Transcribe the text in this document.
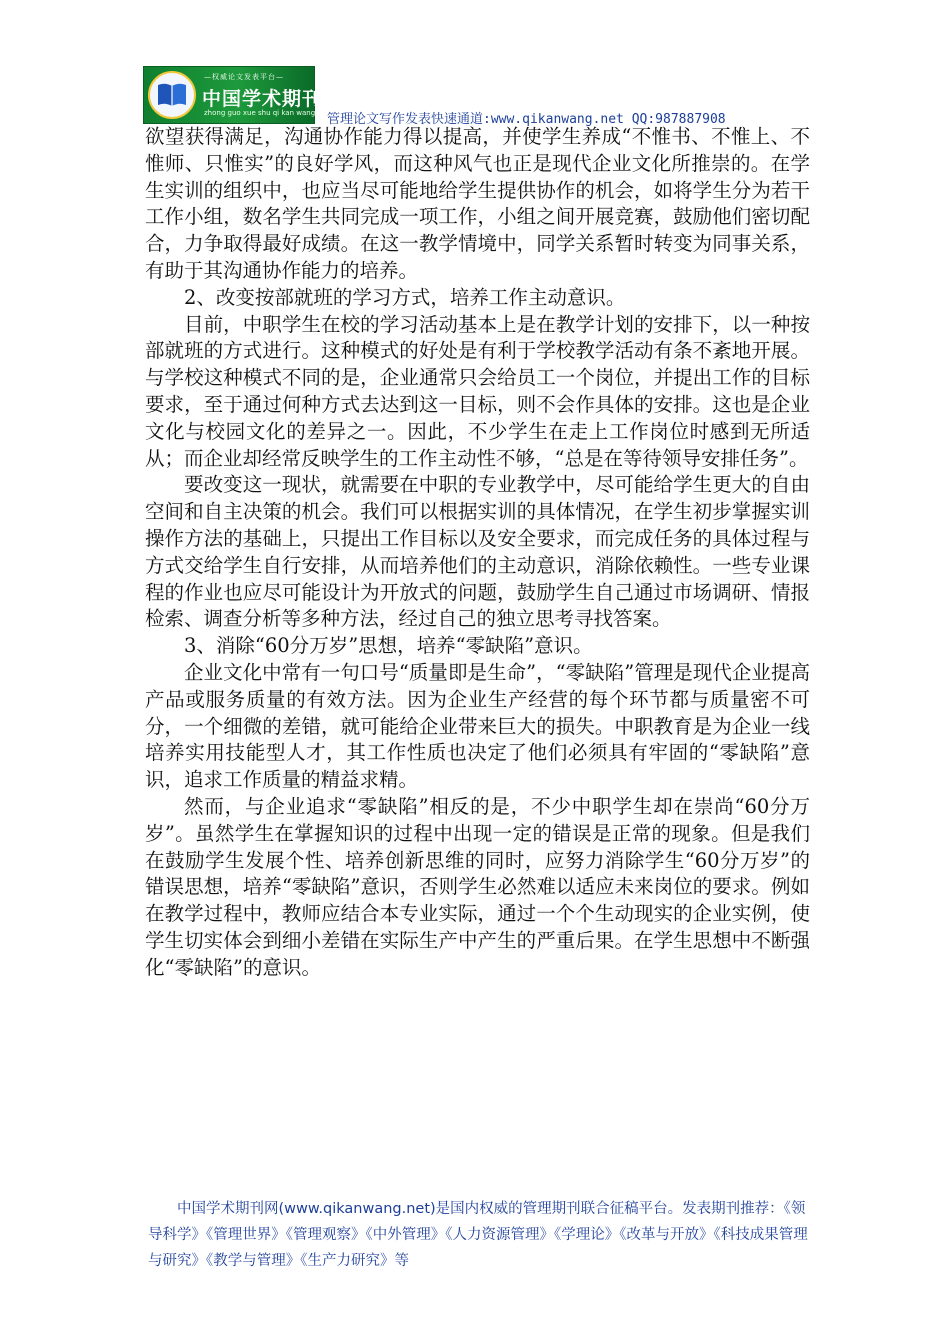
—权威论文发表平台—
中国学术期刊网
zhong guo xue shu qi kan wang 管理论文写作发表快速通道:www.qikanwang.net QQ:987887908

欲望获得满足，沟通协作能力得以提高，并使学生养成“不惟书、不惟上、不惟师、只惟实”的良好学风，而这种风气也正是现代企业文化所推崇的。在学生实训的组织中，也应当尽可能地给学生提供协作的机会，如将学生分为若干工作小组，数名学生共同完成一项工作，小组之间开展竞赛，鼓励他们密切配合，力争取得最好成绩。在这一教学情境中，同学关系暂时转变为同事关系，有助于其沟通协作能力的培养。

2、改变按部就班的学习方式，培养工作主动意识。

目前，中职学生在校的学习活动基本上是在教学计划的安排下，以一种按部就班的方式进行。这种模式的好处是有利于学校教学活动有条不紊地开展。与学校这种模式不同的是，企业通常只会给员工一个岗位，并提出工作的目标要求，至于通过何种方式去达到这一目标，则不会作具体的安排。这也是企业文化与校园文化的差异之一。因此，不少学生在走上工作岗位时感到无所适从；而企业却经常反映学生的工作主动性不够，“总是在等待领导安排任务”。

要改变这一现状，就需要在中职的专业教学中，尽可能给学生更大的自由空间和自主决策的机会。我们可以根据实训的具体情况，在学生初步掌握实训操作方法的基础上，只提出工作目标以及安全要求，而完成任务的具体过程与方式交给学生自行安排，从而培养他们的主动意识，消除依赖性。一些专业课程的作业也应尽可能设计为开放式的问题，鼓励学生自己通过市场调研、情报检索、调查分析等多种方法，经过自己的独立思考寻找答案。

3、消除“60分万岁”思想，培养“零缺陷”意识。

企业文化中常有一句口号“质量即是生命”，“零缺陷”管理是现代企业提高产品或服务质量的有效方法。因为企业生产经营的每个环节都与质量密不可分，一个细微的差错，就可能给企业带来巨大的损失。中职教育是为企业一线培养实用技能型人才，其工作性质也决定了他们必须具有牢固的“零缺陷”意识，追求工作质量的精益求精。

然而，与企业追求“零缺陷”相反的是，不少中职学生却在崇尚“60分万岁”。虽然学生在掌握知识的过程中出现一定的错误是正常的现象。但是我们在鼓励学生发展个性、培养创新思维的同时，应努力消除学生“60分万岁”的错误思想，培养“零缺陷”意识，否则学生必然难以适应未来岗位的要求。例如在教学过程中，教师应结合本专业实际，通过一个个生动现实的企业实例，使学生切实体会到细小差错在实际生产中产生的严重后果。在学生思想中不断强化“零缺陷”的意识。

中国学术期刊网(www.qikanwang.net)是国内权威的管理期刊联合征稿平台。发表期刊推荐：《领导科学》《管理世界》《管理观察》《中外管理》《人力资源管理》《学理论》《改革与开放》《科技成果管理与研究》《教学与管理》《生产力研究》等
